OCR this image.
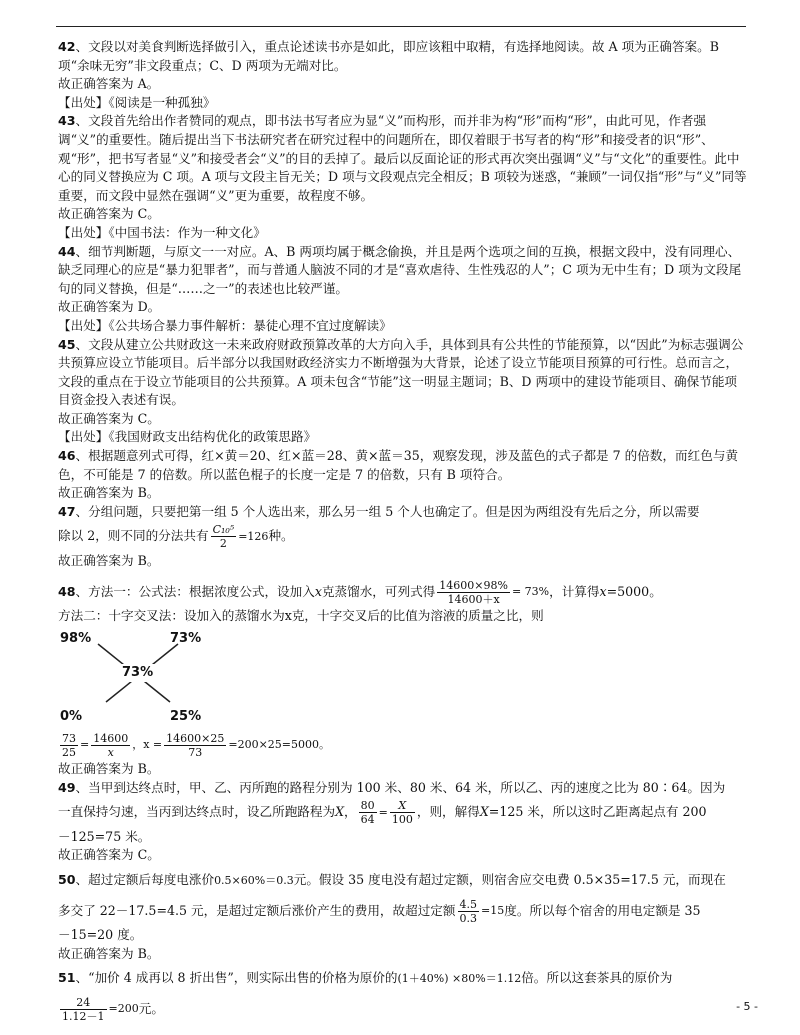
42、文段以对美食判断选择做引入，重点论述读书亦是如此，即应该粗中取精，有选择地阅读。故 A 项为正确答案。B 项“余味无穷”非文段重点；C、D 两项为无端对比。

故正确答案为 A。

【出处】《阅读是一种孤独》

43、文段首先给出作者赞同的观点，即书法书写者应为显“义”而构形，而并非为构“形”而构“形”，由此可见，作者强调“义”的重要性。随后提出当下书法研究者在研究过程中的问题所在，即仅着眼于书写者的构“形”和接受者的识“形”、观“形”，把书写者显“义”和接受者会“义”的目的丢掉了。最后以反面论证的形式再次突出强调“义”与“文化”的重要性。此中心的同义替换应为 C 项。A 项与文段主旨无关；D 项与文段观点完全相反；B 项较为迷惑，“兼顾”一词仅指“形”与“义”同等重要，而文段中显然在强调“义”更为重要，故程度不够。

故正确答案为 C。

【出处】《中国书法：作为一种文化》

44、细节判断题，与原文一一对应。A、B 两项均属于概念偷换，并且是两个选项之间的互换，根据文段中，没有同理心、缺乏同理心的应是“暴力犯罪者”，而与普通人脑波不同的才是“喜欢虐待、生性残忍的人”；C 项为无中生有；D 项为文段尾句的同义替换，但是“……之一”的表述也比较严谨。

故正确答案为 D。

【出处】《公共场合暴力事件解析：暴徒心理不宜过度解读》

45、文段从建立公共财政这一未来政府财政预算改革的大方向入手，具体到具有公共性的节能预算，以“因此”为标志强调公共预算应设立节能项目。后半部分以我国财政经济实力不断增强为大背景，论述了设立节能项目预算的可行性。总而言之，文段的重点在于设立节能项目的公共预算。A 项未包含“节能”这一明显主题词；B、D 两项中的建设节能项目、确保节能项目资金投入表述有误。

故正确答案为 C。

【出处】《我国财政支出结构优化的政策思路》

46、根据题意列式可得，红×黄＝20、红×蓝＝28、黄×蓝＝35，观察发现，涉及蓝色的式子都是 7 的倍数，而红色与黄色，不可能是 7 的倍数。所以蓝色棍子的长度一定是 7 的倍数，只有 B 项符合。

故正确答案为 B。

47、分组问题，只要把第一组 5 个人选出来，那么另一组 5 个人也确定了。但是因为两组没有先后之分，所以需要

除以 2，则不同的分法共有 $\frac{\text{C₁₀⁵}}{2} =126$种。

故正确答案为 B。

48、方法一：公式法：根据浓度公式，设加入x克蒸馏水，可列式得 $\frac{14600\times 98\%}{14600+x} = 73\%$，计算得x=5000。

方法二：十字交叉法：设加入的蒸馏水为x克，十字交叉后的比值为溶液的质量之比，则

98%	73%
73%
0%	25%

$\frac{73}{25} = \frac{14600}{x}$ ，$x = \frac{14600\times 25}{73} =200\times 25=5000$。

故正确答案为 B。

49、当甲到达终点时，甲、乙、丙所跑的路程分别为 100 米、80 米、64 米，所以乙、丙的速度之比为 80∶64。因为

一直保持匀速，当丙到达终点时，设乙所跑路程为X， $\frac{80}{64} = \frac{X}{100}$ ，则，解得X=125 米，所以这时乙距离起点有 200

－125=75 米。

故正确答案为 C。

50、超过定额后每度电涨价0.5×60%＝0.3元。假设 35 度电没有超过定额，则宿舍应交电费 0.5×35=17.5 元，而现在

多交了 22－17.5=4.5 元，是超过定额后涨价产生的费用，故超过定额 $\frac{4.5}{0.3} =15$度。所以每个宿舍的用电定额是 35

－15=20 度。

故正确答案为 B。

51、“加价 4 成再以 8 折出售”，则实际出售的价格为原价的(1＋40%) ×80%＝1.12倍。所以这套茶具的原价为

$\frac{24}{1.12-1} =200$元。	- 5 -
